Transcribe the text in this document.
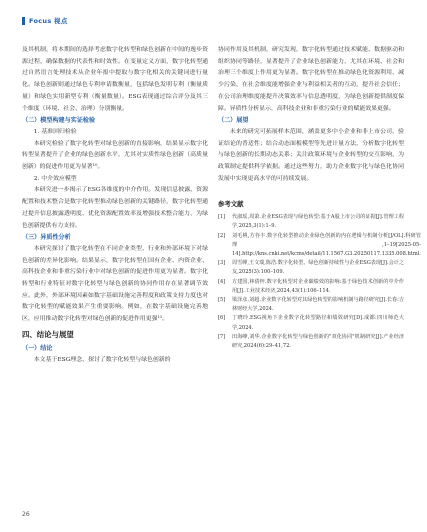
Focus 视点
及其机制，将本期间的选择考虑数字化转型和绿色创新在中间的逸步资源过程，确保数据的代表性和时效性。在变量定义方面，数字化转型通过自然语言处理技术从企业年报中提取与数字化相关的关键词进行量化。绿色创新则通过绿色专利申请数衡量，包括绿色发明专利（衡量质量）和绿色实用新型专利（衡量数量）。ESG表现通过综合评分及其三个维度（环境、社会、治理）分别衡量。
（二）模型构建与实证检验
1. 基准回归检验
本研究检验了数字化转型对绿色创新的直接影响，结果显示数字化转型显著提升了企业的绿色创新水平，尤其对实质性绿色创新（高质量创新）的促进作用更为显著¹⁰。
2. 中介效应模型
本研究进一步揭示了ESG各维度的中介作用。发现信息披露、资源配置和技术整合是数字化转型推动绿色创新的关键路径，数字化转型通过提升信息披露透明度、优化资源配置效率及增强技术整合能力，为绿色创新提供有力支持。
（三）异质性分析
本研究探讨了数字化转型在不同企业类型、行业和外部环境下对绿色创新的差异化影响。结果显示，数字化转型在国有企业、内资企业、高科技企业和非重污染行业中对绿色创新的促进作用更为显著。数字化转型和行业特征对数字化转型与绿色创新的协同作用存在显著调节效应。此外，外部环境因素如数字基础设施完善程度和政策支持力度也对数字化转型的赋能效果产生重要影响。例如，在数字基础设施完善地区，应用推动数字化转型对绿色创新的促进作用更强¹¹。
四、结论与展望
（一）结论
本文基于ESG理念，探讨了数字化转型与绿色创新的
协同作用及其机制，研究发现，数字化转型通过技术赋能、数据驱动和组织协同等路径，显著提升了企业绿色创新能力，尤其在环境、社会和治理三个维度上作用更为显著。数字化转型在推动绿色化资源利用、减少污染，在社会维度能增强企业与利益相关者的互动，提升社会信任；在公司治理维度能提升决策效率与信息透明度，为绿色创新提供制度保障。异质性分析显示，高科技企业和非重污染行业的赋能效果更强。
（二）展望
未来的研究可拓展样本范围，涵盖更多中小企业和非上市公司，验证结论的普适性；结合动态面板模型等先进计量方法，分析数字化转型与绿色创新的长期动态关系；关注政策环境与企业转型的交互影响，为政策制定提供科学依据。通过这些努力，助力企业数字化与绿色化协同发展中实现更高水平的可持续发展。
参考文献
[1]	代淑瑶,周萧.企业ESG表现与绿色转型:基于A股上市公司的证据[J].管理工程学,2025,3(1):1–9.
[2]	刘毛桃,方谷丰.数字化转型推动企业绿色创新的内在逻辑与机制分析[J/OL].科研管理,1–19[2025-05-14].http://kns.cnki.net/kcms/detail/11.1567.G3.20250117.1335.008.html.
[3]	周雪峰,王文瑞,陈浩.数字化转型、绿色创新持续性与企业ESG表现[J].会计之友,2025(3):100–109.
[4]	方建国,林倩梓.数字化转型对企业碳绩效的影响:基于绿色技术创新的中介作用[J].工业技术经济,2024,43(1):106–114.
[5]	梁泽彦,刘超.企业数字化转型对其绿色转型的影响机制与路径研究[J].长春:吉林财经大学,2024.
[6]	丁晓玲.ESG视角下企业数字化转型路径和绩效研究[D].成都:四川师范大学,2024.
[7]	田海峰,刘华.企业数字化转型与绿色创新的"双化协同"机制研究[J].产业经济研究,2024(6):29–41,72.
26
